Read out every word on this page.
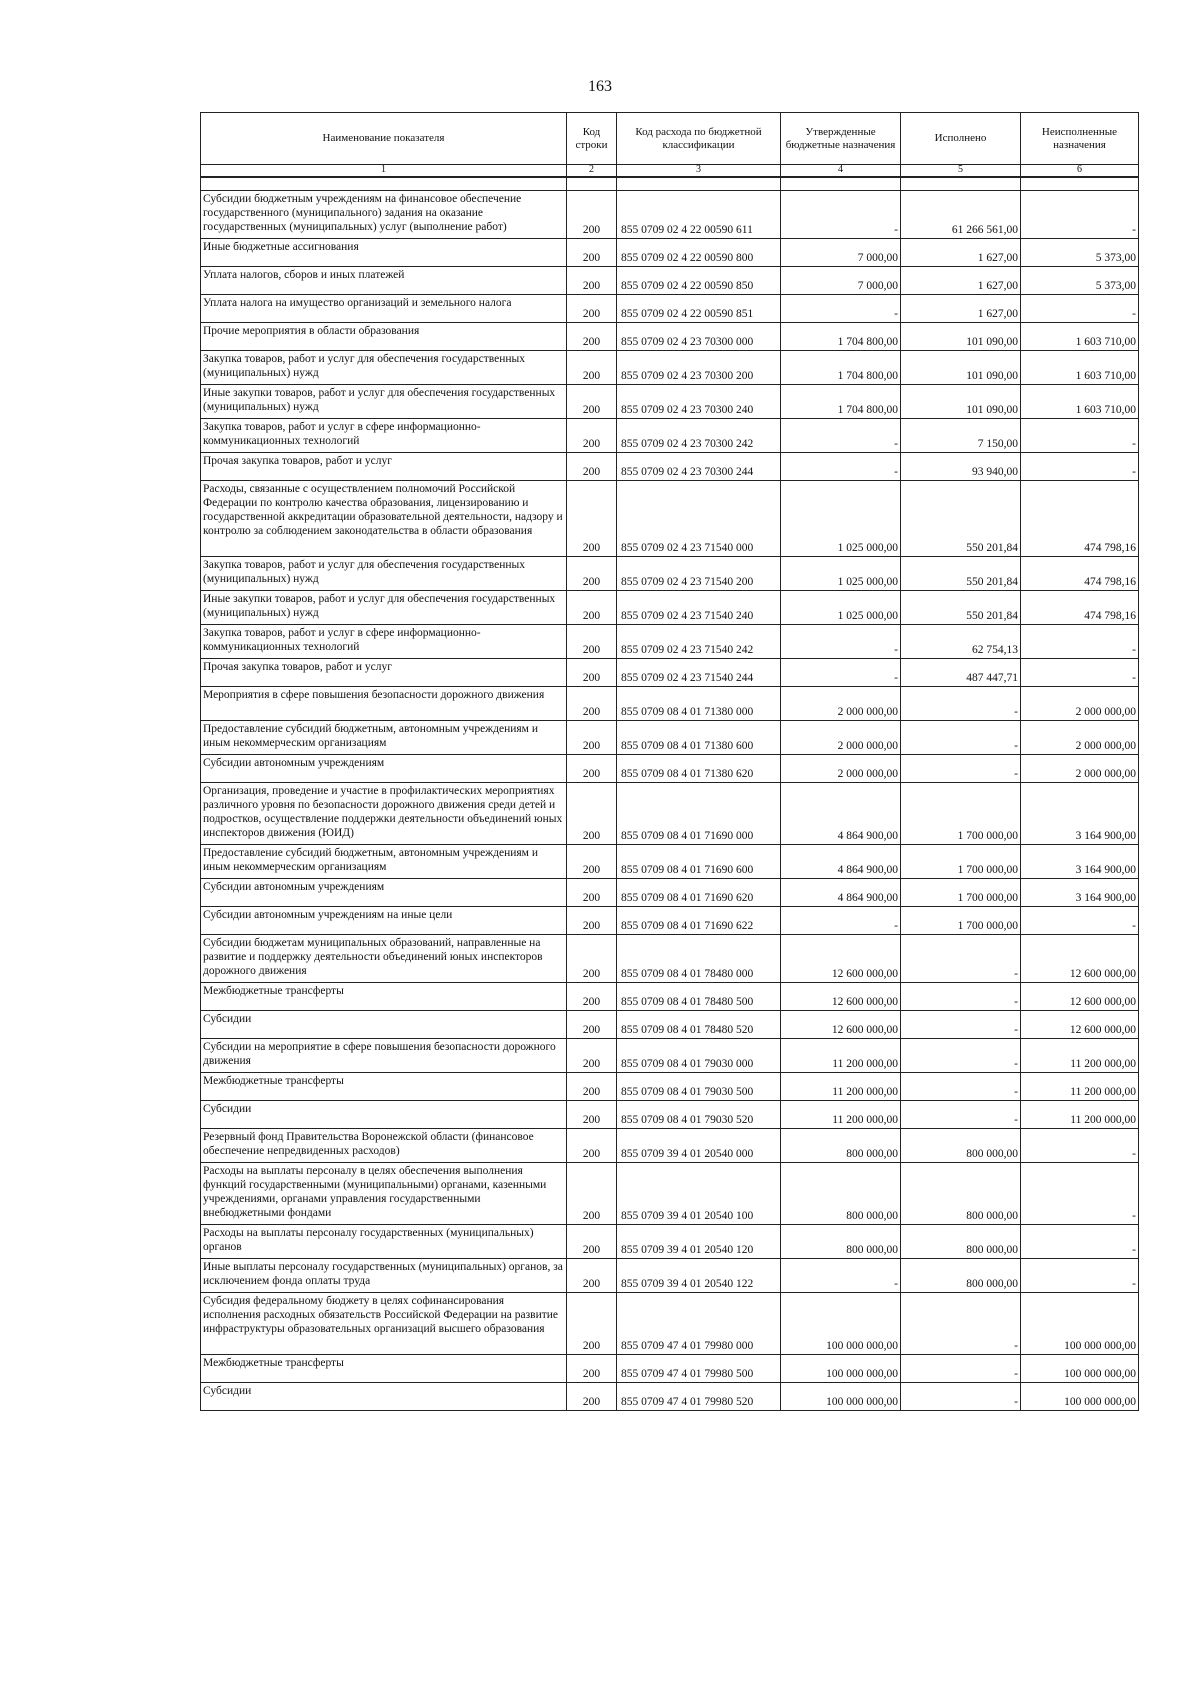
163
Наименование показателя	Код строки	Код расхода по бюджетной классификации	Утвержденные бюджетные назначения	Исполнено	Неисполненные назначения
1	2	3	4	5	6

Субсидии бюджетным учреждениям на финансовое обеспечение государственного (муниципального) задания на оказание государственных (муниципальных) услуг (выполнение работ)	200	855 0709 02 4 22 00590 611	-	61 266 561,00	-
Иные бюджетные ассигнования	200	855 0709 02 4 22 00590 800	7 000,00	1 627,00	5 373,00
Уплата налогов, сборов и иных платежей	200	855 0709 02 4 22 00590 850	7 000,00	1 627,00	5 373,00
Уплата налога на имущество организаций и земельного налога	200	855 0709 02 4 22 00590 851	-	1 627,00	-
Прочие мероприятия в области образования	200	855 0709 02 4 23 70300 000	1 704 800,00	101 090,00	1 603 710,00
Закупка товаров, работ и услуг для обеспечения государственных (муниципальных) нужд	200	855 0709 02 4 23 70300 200	1 704 800,00	101 090,00	1 603 710,00
Иные закупки товаров, работ и услуг для обеспечения государственных (муниципальных) нужд	200	855 0709 02 4 23 70300 240	1 704 800,00	101 090,00	1 603 710,00
Закупка товаров, работ и услуг в сфере информационно-коммуникационных технологий	200	855 0709 02 4 23 70300 242	-	7 150,00	-
Прочая закупка товаров, работ и услуг	200	855 0709 02 4 23 70300 244	-	93 940,00	-
Расходы, связанные с осуществлением полномочий Российской Федерации по контролю качества образования, лицензированию и государственной аккредитации образовательной деятельности, надзору и контролю за соблюдением законодательства в области образования	200	855 0709 02 4 23 71540 000	1 025 000,00	550 201,84	474 798,16
Закупка товаров, работ и услуг для обеспечения государственных (муниципальных) нужд	200	855 0709 02 4 23 71540 200	1 025 000,00	550 201,84	474 798,16
Иные закупки товаров, работ и услуг для обеспечения государственных (муниципальных) нужд	200	855 0709 02 4 23 71540 240	1 025 000,00	550 201,84	474 798,16
Закупка товаров, работ и услуг в сфере информационно-коммуникационных технологий	200	855 0709 02 4 23 71540 242	-	62 754,13	-
Прочая закупка товаров, работ и услуг	200	855 0709 02 4 23 71540 244	-	487 447,71	-
Мероприятия в сфере повышения безопасности дорожного движения	200	855 0709 08 4 01 71380 000	2 000 000,00	-	2 000 000,00
Предоставление субсидий бюджетным, автономным учреждениям и иным некоммерческим организациям	200	855 0709 08 4 01 71380 600	2 000 000,00	-	2 000 000,00
Субсидии автономным учреждениям	200	855 0709 08 4 01 71380 620	2 000 000,00	-	2 000 000,00
Организация, проведение и участие в профилактических мероприятиях различного уровня по безопасности дорожного движения среди детей и подростков, осуществление поддержки деятельности объединений юных инспекторов движения (ЮИД)	200	855 0709 08 4 01 71690 000	4 864 900,00	1 700 000,00	3 164 900,00
Предоставление субсидий бюджетным, автономным учреждениям и иным некоммерческим организациям	200	855 0709 08 4 01 71690 600	4 864 900,00	1 700 000,00	3 164 900,00
Субсидии автономным учреждениям	200	855 0709 08 4 01 71690 620	4 864 900,00	1 700 000,00	3 164 900,00
Субсидии автономным учреждениям на иные цели	200	855 0709 08 4 01 71690 622	-	1 700 000,00	-
Субсидии бюджетам муниципальных образований, направленные на развитие и поддержку деятельности объединений юных инспекторов дорожного движения	200	855 0709 08 4 01 78480 000	12 600 000,00	-	12 600 000,00
Межбюджетные трансферты	200	855 0709 08 4 01 78480 500	12 600 000,00	-	12 600 000,00
Субсидии	200	855 0709 08 4 01 78480 520	12 600 000,00	-	12 600 000,00
Субсидии на мероприятие в сфере повышения безопасности дорожного движения	200	855 0709 08 4 01 79030 000	11 200 000,00	-	11 200 000,00
Межбюджетные трансферты	200	855 0709 08 4 01 79030 500	11 200 000,00	-	11 200 000,00
Субсидии	200	855 0709 08 4 01 79030 520	11 200 000,00	-	11 200 000,00
Резервный фонд Правительства Воронежской области (финансовое обеспечение непредвиденных расходов)	200	855 0709 39 4 01 20540 000	800 000,00	800 000,00	-
Расходы на выплаты персоналу в целях обеспечения выполнения функций государственными (муниципальными) органами, казенными учреждениями, органами управления государственными внебюджетными фондами	200	855 0709 39 4 01 20540 100	800 000,00	800 000,00	-
Расходы на выплаты персоналу государственных (муниципальных) органов	200	855 0709 39 4 01 20540 120	800 000,00	800 000,00	-
Иные выплаты персоналу государственных (муниципальных) органов, за исключением фонда оплаты труда	200	855 0709 39 4 01 20540 122	-	800 000,00	-
Субсидия федеральному бюджету в целях софинансирования исполнения расходных обязательств Российской Федерации на развитие инфраструктуры образовательных организаций высшего образования	200	855 0709 47 4 01 79980 000	100 000 000,00	-	100 000 000,00
Межбюджетные трансферты	200	855 0709 47 4 01 79980 500	100 000 000,00	-	100 000 000,00
Субсидии	200	855 0709 47 4 01 79980 520	100 000 000,00	-	100 000 000,00
